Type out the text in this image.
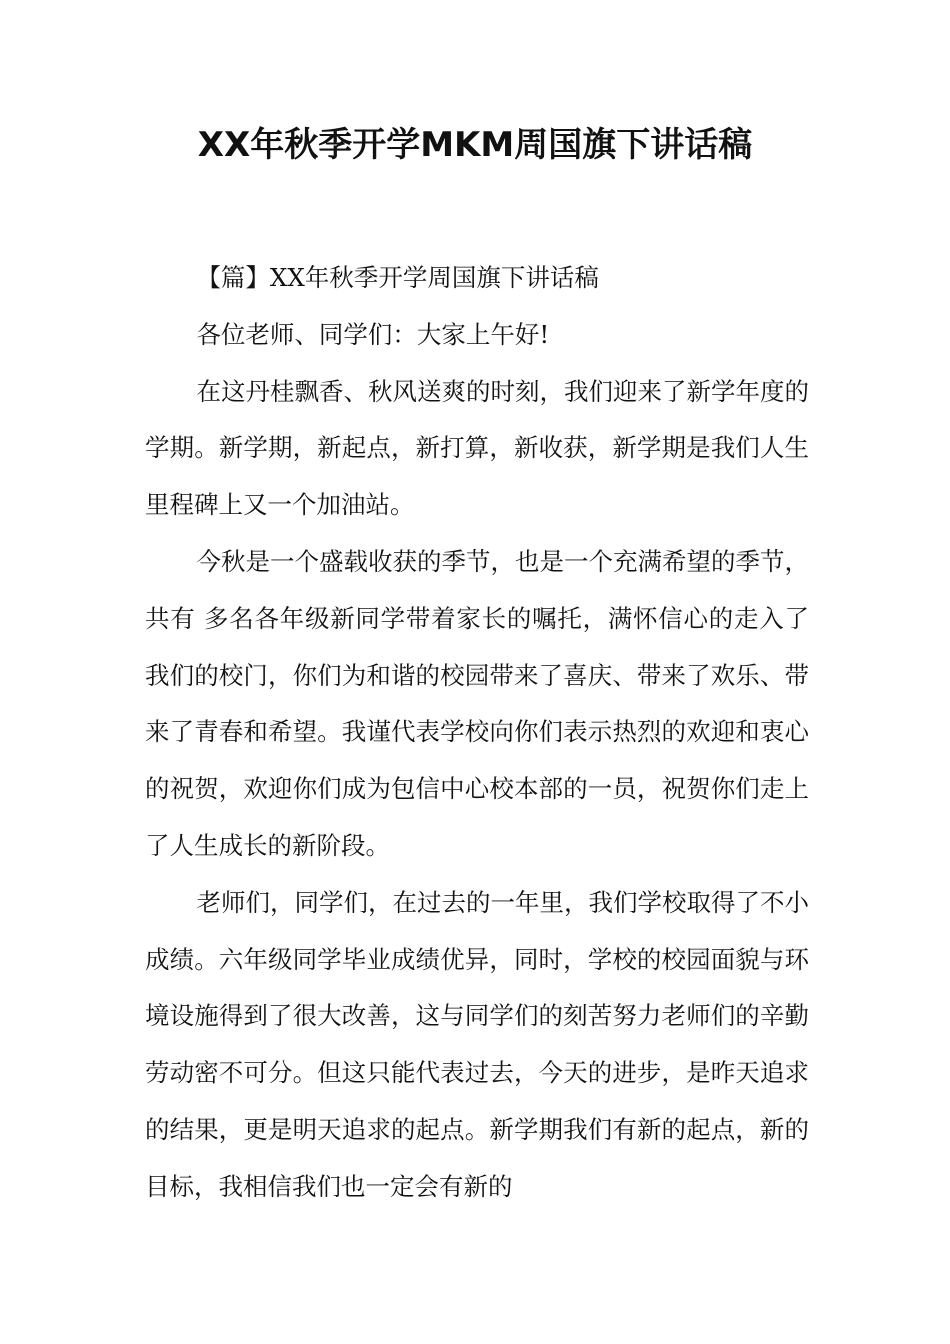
XX年秋季开学MKM周国旗下讲话稿

【篇】XX年秋季开学周国旗下讲话稿

各位老师、同学们：大家上午好!

在这丹桂飘香、秋风送爽的时刻，我们迎来了新学年度的学期。新学期，新起点，新打算，新收获，新学期是我们人生里程碑上又一个加油站。

今秋是一个盛载收获的季节，也是一个充满希望的季节，共有 多名各年级新同学带着家长的嘱托，满怀信心的走入了我们的校门，你们为和谐的校园带来了喜庆、带来了欢乐、带来了青春和希望。我谨代表学校向你们表示热烈的欢迎和衷心的祝贺，欢迎你们成为包信中心校本部的一员，祝贺你们走上了人生成长的新阶段。

老师们，同学们，在过去的一年里，我们学校取得了不小成绩。六年级同学毕业成绩优异，同时，学校的校园面貌与环境设施得到了很大改善，这与同学们的刻苦努力老师们的辛勤劳动密不可分。但这只能代表过去，今天的进步，是昨天追求的结果，更是明天追求的起点。新学期我们有新的起点，新的目标，我相信我们也一定会有新的
